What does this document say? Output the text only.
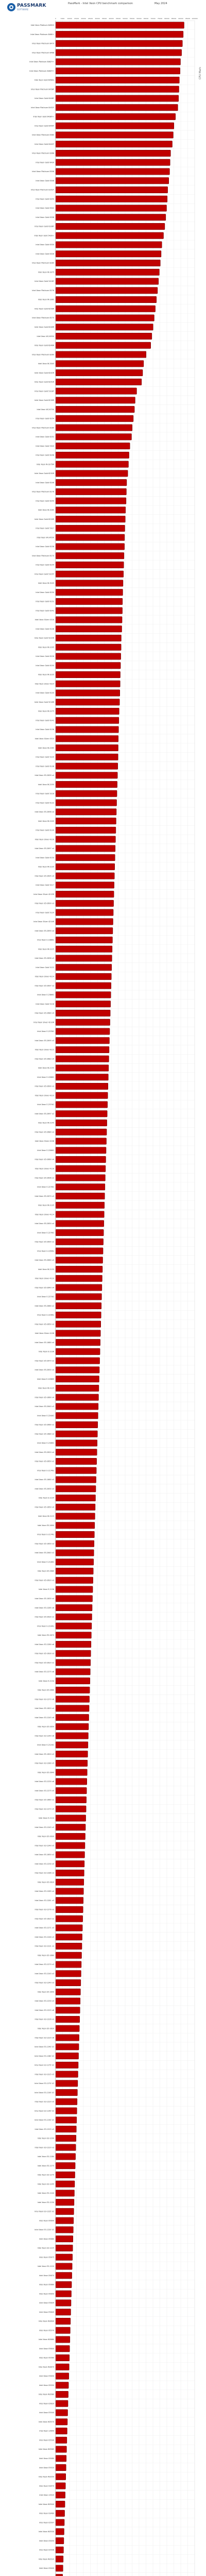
PASSMARK
SOFTWARE
PassMark - Intel Xeon CPU benchmark comparison	May 2024
CPU Mark
0	5000 10000 15000 20000 25000 30000 35000 40000 45000 50000 55000 60000 65000 70000 75000 80000 85000 90000 95000 100000
Intel Xeon Platinum 8490H
Intel Xeon Platinum 8480+
Intel Xeon Platinum 8470
Intel Xeon Platinum 8468
Intel Xeon Platinum 8462Y+
Intel Xeon Platinum 8460Y+
Intel Xeon Gold 6458Q
Intel Xeon Platinum 8458P
Intel Xeon Gold 6448Y
Intel Xeon Platinum 8452Y
Intel Xeon Gold 6438Y+
Intel Xeon Gold 6444Y
Intel Xeon Platinum 8380
Intel Xeon Gold 6442Y
Intel Xeon Platinum 8368
Intel Xeon Gold 6430
Intel Xeon Platinum 8358
Intel Xeon Gold 6348
Intel Xeon Platinum 8352Y
Intel Xeon Gold 6354
Intel Xeon Gold 6342
Intel Xeon Gold 6338
Intel Xeon Gold 6336Y
Intel Xeon Gold 5420+
Intel Xeon Gold 6330
Intel Xeon Gold 6326
Intel Xeon Platinum 8280
Intel Xeon W-3375
Intel Xeon Gold 5418Y
Intel Xeon Platinum 8276
Intel Xeon W-3365
Intel Xeon Gold 6258R
Intel Xeon Platinum 8270
Intel Xeon Gold 6248R
Intel Xeon W-2495X
Intel Xeon Gold 6246R
Intel Xeon Platinum 8260
Intel Xeon W-3345
Intel Xeon Gold 6240R
Intel Xeon Gold 6242R
Intel Xeon Gold 5318Y
Intel Xeon Gold 6238R
Intel Xeon W-2475X
Intel Xeon Gold 6254
Intel Xeon Platinum 8180
Intel Xeon Gold 6252
Intel Xeon Gold 5320
Intel Xeon Gold 6248
Intel Xeon W-3275M
Intel Xeon Gold 6230R
Intel Xeon Gold 6246
Intel Xeon Platinum 8176
Intel Xeon Gold 6240
Intel Xeon W-3265
Intel Xeon Gold 6226R
Intel Xeon Gold 5317
Intel Xeon W-2455X
Intel Xeon Gold 6238
Intel Xeon Platinum 8170
Intel Xeon Gold 6154
Intel Xeon Gold 5315Y
Intel Xeon W-3245
Intel Xeon Gold 6230
Intel Xeon Gold 6152
Intel Xeon Gold 6242
Intel Xeon Silver 4316
Intel Xeon Gold 6148
Intel Xeon Gold 5220R
Intel Xeon W-2295
Intel Xeon Gold 6226
Intel Xeon Gold 6150
Intel Xeon W-3235
Intel Xeon Silver 4314
Intel Xeon Gold 6140
Intel Xeon Gold 5218R
Intel Xeon W-2275
Intel Xeon Gold 6142
Intel Xeon Gold 6136
Intel Xeon Silver 4310
Intel Xeon W-2265
Intel Xeon Gold 5220
Intel Xeon Gold 6138
Intel Xeon E5-2699 v4
Intel Xeon W-2255
Intel Xeon Gold 5218
Intel Xeon Gold 6132
Intel Xeon E5-2698 v4
Intel Xeon W-2245
Intel Xeon Gold 6130
Intel Xeon Silver 4216
Intel Xeon E5-2697 v4
Intel Xeon Gold 6134
Intel Xeon W-2235
Intel Xeon E5-2695 v4
Intel Xeon Gold 5217
Intel Xeon Silver 4215R
Intel Xeon E5-2699 v3
Intel Xeon Gold 5120
Intel Xeon Silver 4214R
Intel Xeon E5-2690 v4
Intel Xeon E-2388G
Intel Xeon W-2225
Intel Xeon E5-2698 v3
Intel Xeon Gold 5122
Intel Xeon Silver 4214
Intel Xeon E5-2697 v3
Intel Xeon E-2386G
Intel Xeon Gold 5118
Intel Xeon E5-2680 v4
Intel Xeon Silver 4210R
Intel Xeon E-2378G
Intel Xeon E5-2695 v3
Intel Xeon Silver 4215
Intel Xeon E5-2683 v4
Intel Xeon W-2155
Intel Xeon E-2288G
Intel Xeon E5-2690 v3
Intel Xeon Silver 4210
Intel Xeon E-2374G
Intel Xeon E5-2697 v2
Intel Xeon W-2145
Intel Xeon E5-2680 v3
Intel Xeon Silver 4208
Intel Xeon E-2286G
Intel Xeon E5-2660 v4
Intel Xeon Silver 4116
Intel Xeon E5-2696 v2
Intel Xeon E-2278G
Intel Xeon E5-2670 v3
Intel Xeon W-2135
Intel Xeon Silver 4114
Intel Xeon E5-2650 v4
Intel Xeon E-2276G
Intel Xeon E5-2690 v2
Intel Xeon E-2356G
Intel Xeon E5-2660 v3
Intel Xeon W-2133
Intel Xeon Silver 4110
Intel Xeon E5-2640 v4
Intel Xeon E-2274G
Intel Xeon E5-2680 v2
Intel Xeon E-2246G
Intel Xeon E5-2650 v3
Intel Xeon Silver 4108
Intel Xeon E5-1680 v4
Intel Xeon E-2236
Intel Xeon E5-2670 v2
Intel Xeon E5-2630 v4
Intel Xeon E-2286M
Intel Xeon W-2125
Intel Xeon E5-1660 v4
Intel Xeon E5-2640 v3
Intel Xeon E-2244G
Intel Xeon E5-2660 v2
Intel Xeon E5-1680 v3
Intel Xeon E-2186G
Intel Xeon E5-2620 v4
Intel Xeon E5-2650 v2
Intel Xeon E-2176G
Intel Xeon E5-1660 v3
Intel Xeon E5-2630 v3
Intel Xeon E-2234
Intel Xeon E5-1650 v4
Intel Xeon W-2123
Intel Xeon E5-2690
Intel Xeon E-2174G
Intel Xeon E5-1650 v3
Intel Xeon E5-2640 v2
Intel Xeon E-2146G
Intel Xeon E5-2680
Intel Xeon E5-2620 v3
Intel Xeon E-2136
Intel Xeon E5-1630 v4
Intel Xeon E3-1285 v6
Intel Xeon E5-2630 v2
Intel Xeon E-2144G
Intel Xeon E5-2670
Intel Xeon E3-1280 v6
Intel Xeon E5-1630 v3
Intel Xeon E5-2620 v2
Intel Xeon E3-1275 v6
Intel Xeon E-2134
Intel Xeon E5-2660
Intel Xeon E3-1270 v6
Intel Xeon E5-1620 v4
Intel Xeon E3-1245 v6
Intel Xeon E5-2650
Intel Xeon E3-1240 v6
Intel Xeon E-2124G
Intel Xeon E5-1620 v3
Intel Xeon E3-1280 v5
Intel Xeon E5-2640
Intel Xeon E3-1230 v6
Intel Xeon E3-1275 v5
Intel Xeon E5-1660 v2
Intel Xeon E3-1270 v5
Intel Xeon E-2124
Intel Xeon E3-1245 v5
Intel Xeon E5-2630
Intel Xeon E3-1240 v5
Intel Xeon E5-1650 v2
Intel Xeon E3-1230 v5
Intel Xeon E3-1286 v3
Intel Xeon E5-2620
Intel Xeon E3-1285 v4
Intel Xeon E3-1281 v3
Intel Xeon E3-1276 v3
Intel Xeon E5-1620 v2
Intel Xeon E3-1271 v3
Intel Xeon E3-1246 v3
Intel Xeon E3-1231 v3
Intel Xeon E5-1660
Intel Xeon E3-1270 v3
Intel Xeon E3-1245 v3
Intel Xeon E3-1240 v3
Intel Xeon E5-1650
Intel Xeon E3-1230 v3
Intel Xeon E3-1225 v6
Intel Xeon E3-1226 v3
Intel Xeon E5-1620
Intel Xeon E3-1220 v6
Intel Xeon E3-1290 V2
Intel Xeon E3-1280 V2
Intel Xeon E3-1275 V2
Intel Xeon E3-1225 v5
Intel Xeon E3-1270 V2
Intel Xeon E3-1245 V2
Intel Xeon E3-1220 v5
Intel Xeon E3-1240 V2
Intel Xeon E3-1230 V2
Intel Xeon E3-1225 v3
Intel Xeon E3-1290
Intel Xeon E3-1220 v3
Intel Xeon E3-1280
Intel Xeon E3-1275
Intel Xeon E3-1270
Intel Xeon E3-1245
Intel Xeon E3-1240
Intel Xeon E3-1230
Intel Xeon E3-1225 V2
Intel Xeon X5690
Intel Xeon E3-1220 V2
Intel Xeon X5680
Intel Xeon E3-1225
Intel Xeon X5675
Intel Xeon E3-1220
Intel Xeon X5670
Intel Xeon X5660
Intel Xeon X5650
Intel Xeon E5649
Intel Xeon E5645
Intel Xeon W3690
Intel Xeon X5570
Intel Xeon W3680
Intel Xeon E5640
Intel Xeon X5560
Intel Xeon W3670
Intel Xeon E5630
Intel Xeon X5550
Intel Xeon W3580
Intel Xeon E5620
Intel Xeon E5540
Intel Xeon W3570
Intel Xeon L5640
Intel Xeon E5530
Intel Xeon W3565
Intel Xeon X3480
Intel Xeon E5520
Intel Xeon W3550
Intel Xeon X3470
Intel Xeon L5520
Intel Xeon W3540
Intel Xeon X3460
Intel Xeon E5507
Intel Xeon W3530
Intel Xeon X3450
Intel Xeon E5506
Intel Xeon W3520
Intel Xeon X3440
